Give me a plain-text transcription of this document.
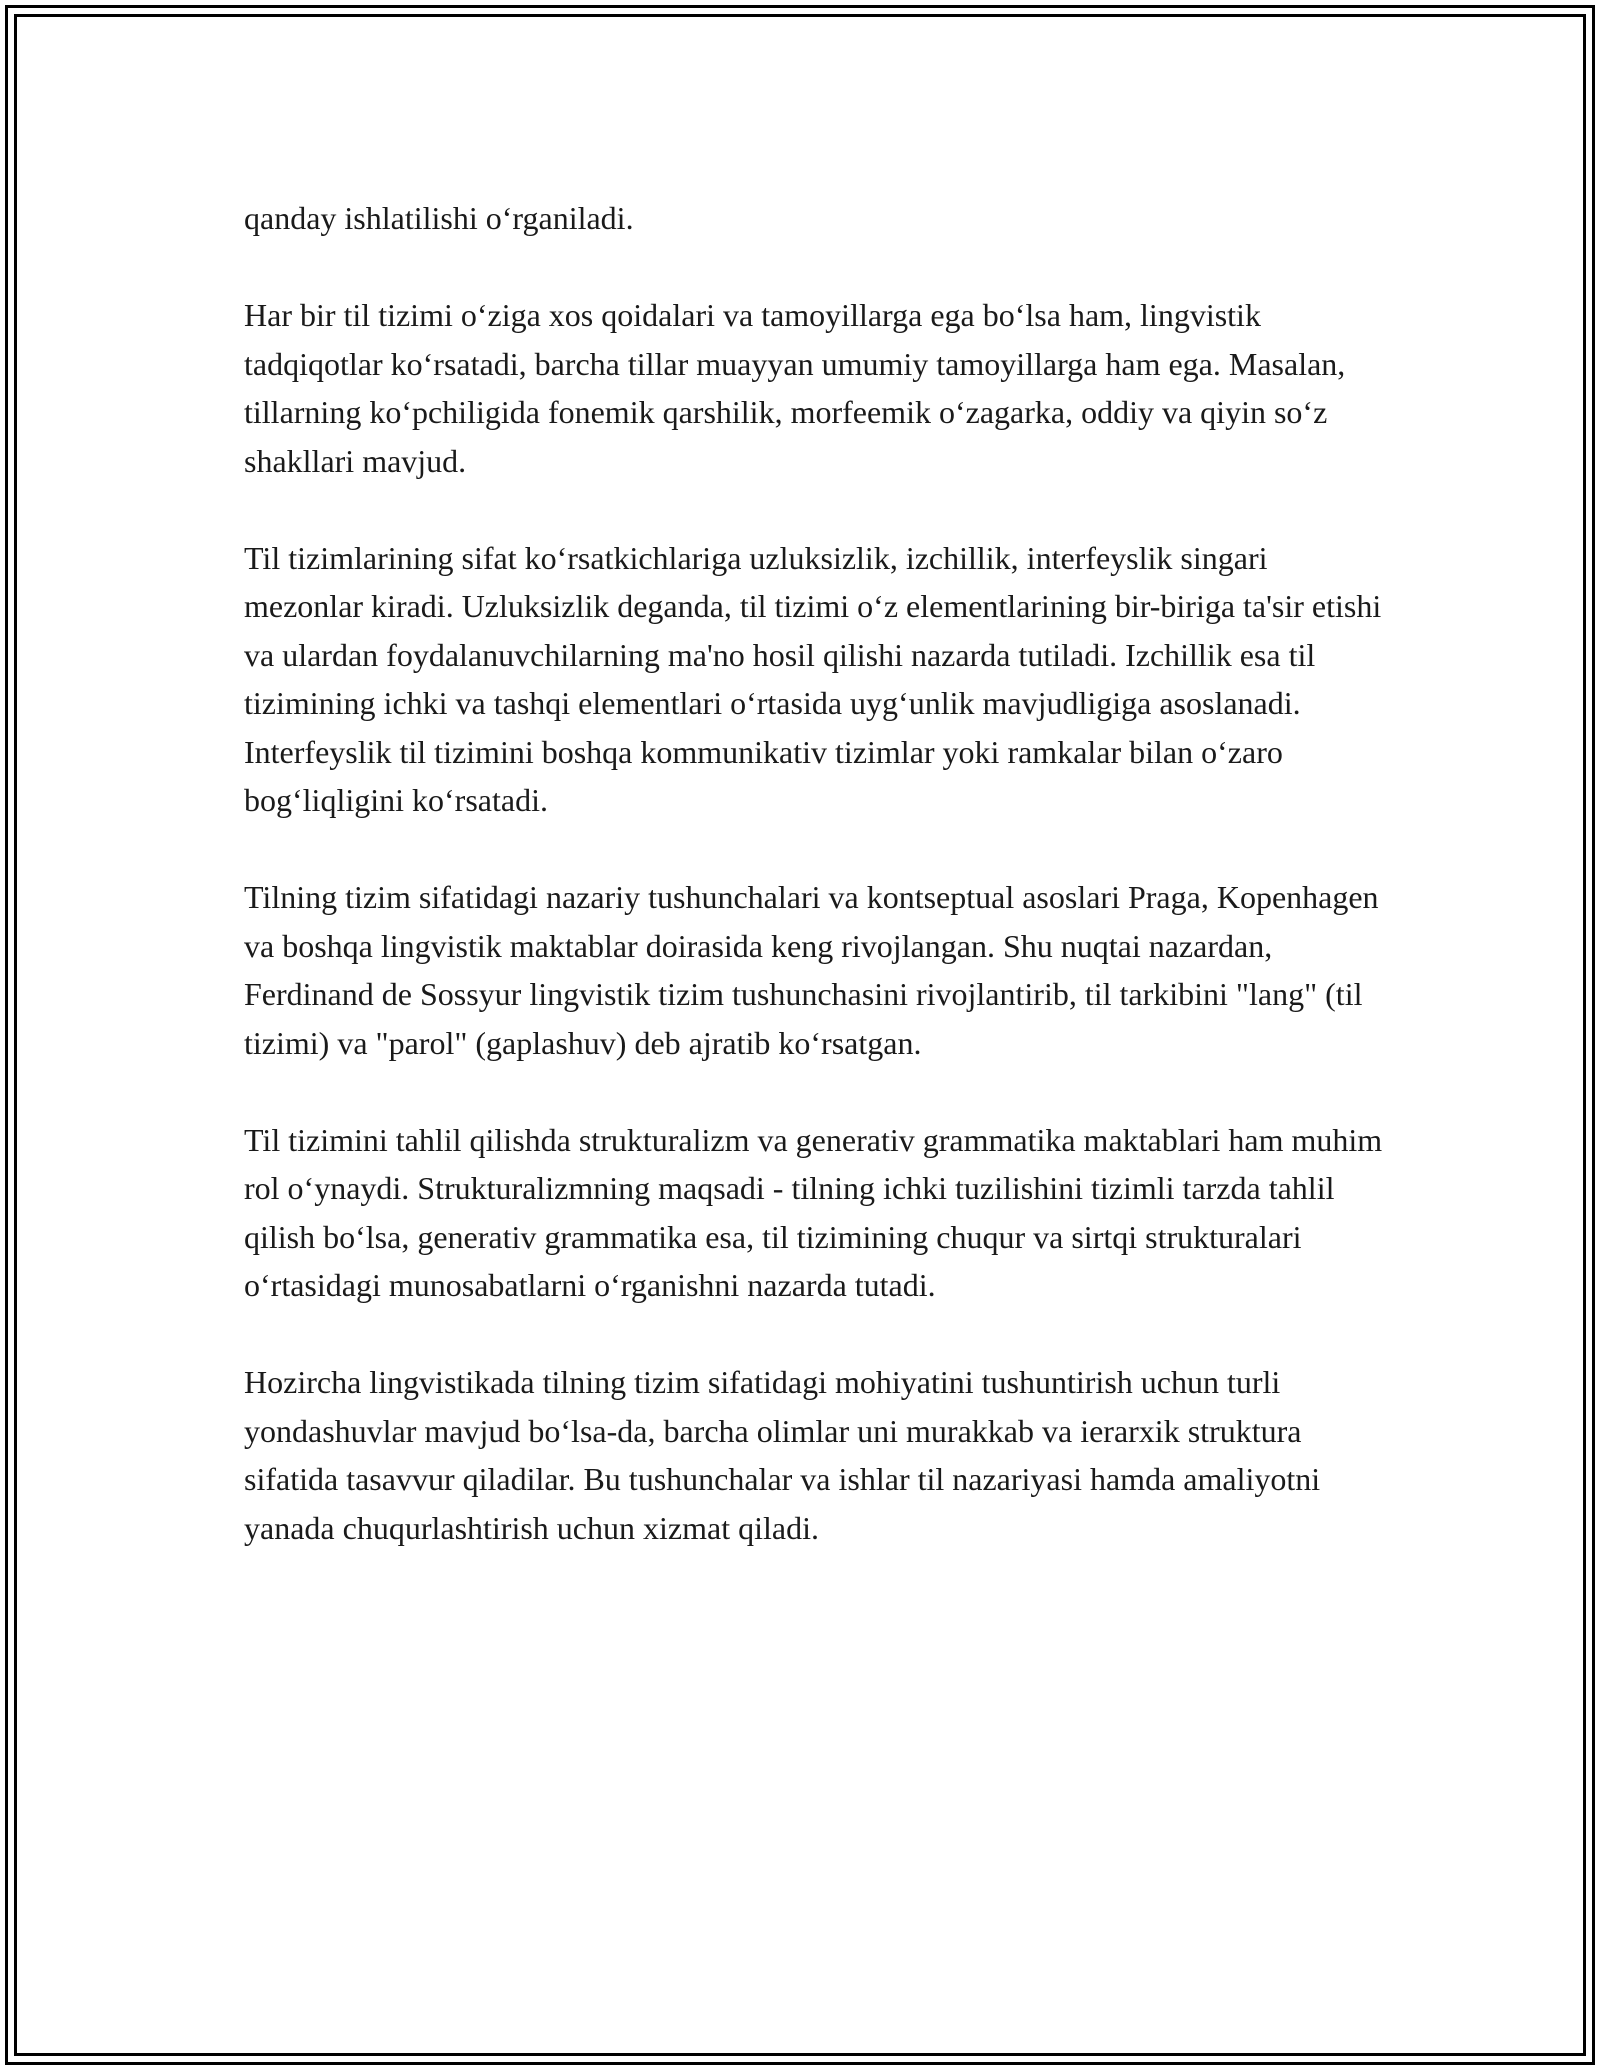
qanday ishlatilishi o‘rganiladi.

Har bir til tizimi o‘ziga xos qoidalari va tamoyillarga ega bo‘lsa ham, lingvistik tadqiqotlar ko‘rsatadi, barcha tillar muayyan umumiy tamoyillarga ham ega. Masalan, tillarning ko‘pchiligida fonemik qarshilik, morfeemik o‘zagarka, oddiy va qiyin so‘z shakllari mavjud.

Til tizimlarining sifat ko‘rsatkichlariga uzluksizlik, izchillik, interfeyslik singari mezonlar kiradi. Uzluksizlik deganda, til tizimi o‘z elementlarining bir-biriga ta'sir etishi va ulardan foydalanuvchilarning ma'no hosil qilishi nazarda tutiladi. Izchillik esa til tizimining ichki va tashqi elementlari o‘rtasida uyg‘unlik mavjudligiga asoslanadi. Interfeyslik til tizimini boshqa kommunikativ tizimlar yoki ramkalar bilan o‘zaro bog‘liqligini ko‘rsatadi.

Tilning tizim sifatidagi nazariy tushunchalari va kontseptual asoslari Praga, Kopenhagen va boshqa lingvistik maktablar doirasida keng rivojlangan. Shu nuqtai nazardan, Ferdinand de Sossyur lingvistik tizim tushunchasini rivojlantirib, til tarkibini "lang" (til tizimi) va "parol" (gaplashuv) deb ajratib ko‘rsatgan.

Til tizimini tahlil qilishda strukturalizm va generativ grammatika maktablari ham muhim rol o‘ynaydi. Strukturalizmning maqsadi - tilning ichki tuzilishini tizimli tarzda tahlil qilish bo‘lsa, generativ grammatika esa, til tizimining chuqur va sirtqi strukturalari o‘rtasidagi munosabatlarni o‘rganishni nazarda tutadi.

Hozircha lingvistikada tilning tizim sifatidagi mohiyatini tushuntirish uchun turli yondashuvlar mavjud bo‘lsa-da, barcha olimlar uni murakkab va ierarxik struktura sifatida tasavvur qiladilar. Bu tushunchalar va ishlar til nazariyasi hamda amaliyotni yanada chuqurlashtirish uchun xizmat qiladi.
